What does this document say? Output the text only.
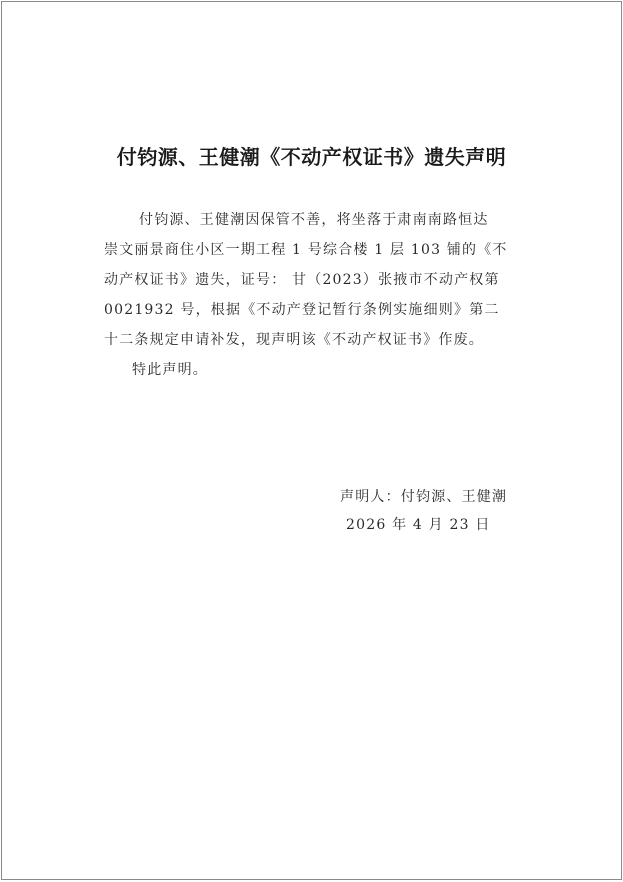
付钧源、王健潮《不动产权证书》遗失声明
付钧源、王健潮因保管不善，将坐落于肃南南路恒达
崇文丽景商住小区一期工程 1 号综合楼 1 层 103 铺的《不
动产权证书》遗失，证号： 甘（2023）张掖市不动产权第
0021932 号，根据《不动产登记暂行条例实施细则》第二
十二条规定申请补发，现声明该《不动产权证书》作废。
特此声明。
声明人：付钧源、王健潮
2026 年 4 月 23 日
